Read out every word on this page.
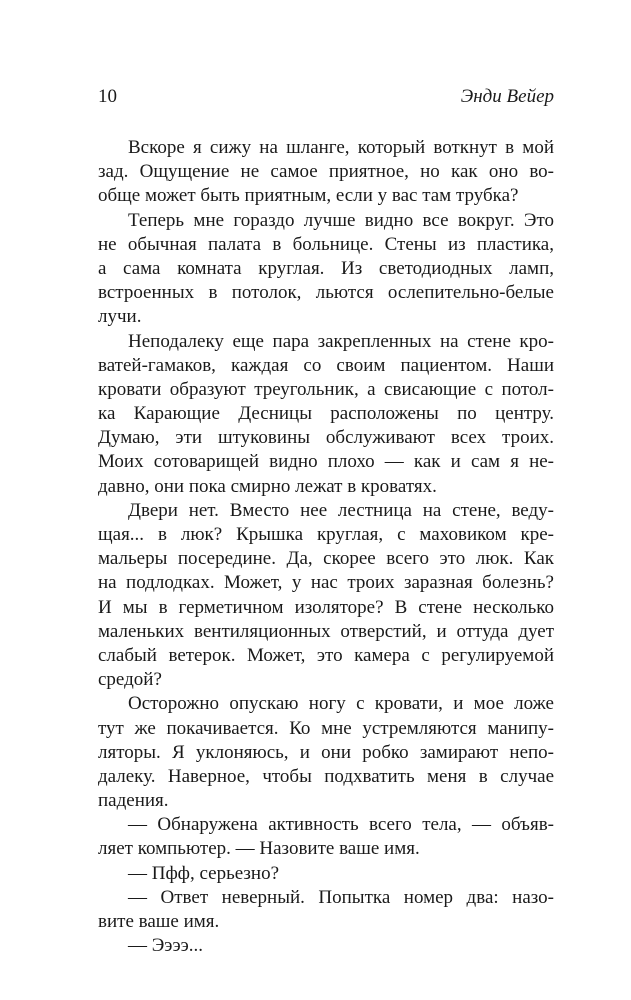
10	Энди Вейер
Вскоре я сижу на шланге, который воткнут в мой
зад. Ощущение не самое приятное, но как оно во-
обще может быть приятным, если у вас там трубка?
Теперь мне гораздо лучше видно все вокруг. Это
не обычная палата в больнице. Стены из пластика,
а сама комната круглая. Из светодиодных ламп,
встроенных в потолок, льются ослепительно-белые
лучи.
Неподалеку еще пара закрепленных на стене кро-
ватей-гамаков, каждая со своим пациентом. Наши
кровати образуют треугольник, а свисающие с потол-
ка Карающие Десницы расположены по центру.
Думаю, эти штуковины обслуживают всех троих.
Моих сотоварищей видно плохо — как и сам я не-
давно, они пока смирно лежат в кроватях.
Двери нет. Вместо нее лестница на стене, веду-
щая... в люк? Крышка круглая, с маховиком кре-
мальеры посередине. Да, скорее всего это люк. Как
на подлодках. Может, у нас троих заразная болезнь?
И мы в герметичном изоляторе? В стене несколько
маленьких вентиляционных отверстий, и оттуда дует
слабый ветерок. Может, это камера с регулируемой
средой?
Осторожно опускаю ногу с кровати, и мое ложе
тут же покачивается. Ко мне устремляются манипу-
ляторы. Я уклоняюсь, и они робко замирают непо-
далеку. Наверное, чтобы подхватить меня в случае
падения.
— Обнаружена активность всего тела, — объяв-
ляет компьютер. — Назовите ваше имя.
— Пфф, серьезно?
— Ответ неверный. Попытка номер два: назо-
вите ваше имя.
— Ээээ...
